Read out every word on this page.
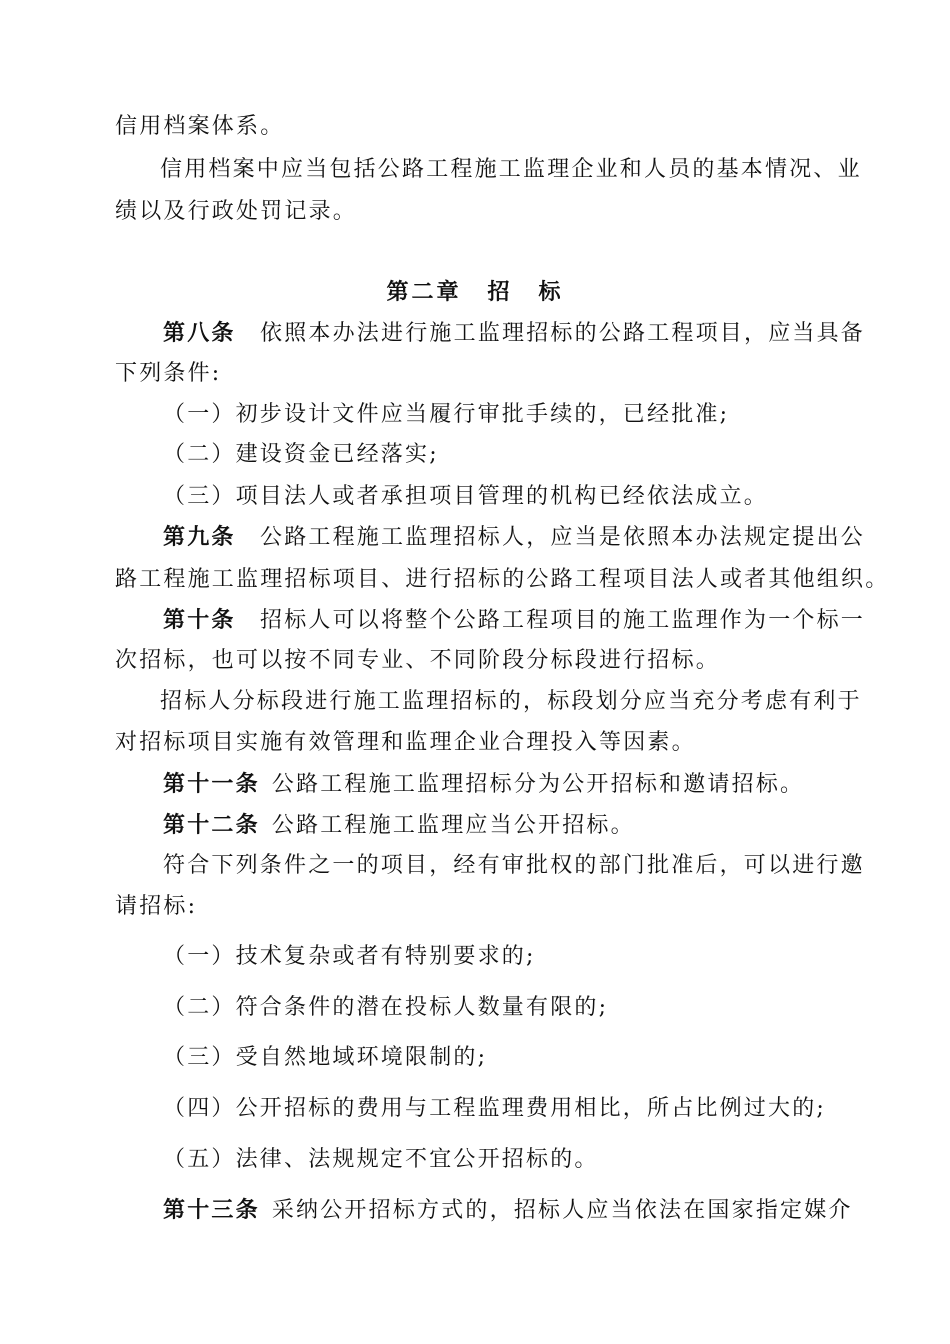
信用档案体系。
信用档案中应当包括公路工程施工监理企业和人员的基本情况、业
绩以及行政处罚记录。
第二章 招 标
第八条 依照本办法进行施工监理招标的公路工程项目，应当具备
下列条件:
（一）初步设计文件应当履行审批手续的，已经批准;
（二）建设资金已经落实;
（三）项目法人或者承担项目管理的机构已经依法成立。
第九条 公路工程施工监理招标人，应当是依照本办法规定提出公
路工程施工监理招标项目、进行招标的公路工程项目法人或者其他组织。
第十条 招标人可以将整个公路工程项目的施工监理作为一个标一
次招标，也可以按不同专业、不同阶段分标段进行招标。
招标人分标段进行施工监理招标的，标段划分应当充分考虑有利于
对招标项目实施有效管理和监理企业合理投入等因素。
第十一条 公路工程施工监理招标分为公开招标和邀请招标。
第十二条 公路工程施工监理应当公开招标。
符合下列条件之一的项目，经有审批权的部门批准后，可以进行邀
请招标:
（一）技术复杂或者有特别要求的;
（二）符合条件的潜在投标人数量有限的;
（三）受自然地域环境限制的;
（四）公开招标的费用与工程监理费用相比，所占比例过大的;
（五）法律、法规规定不宜公开招标的。
第十三条 采纳公开招标方式的，招标人应当依法在国家指定媒介
